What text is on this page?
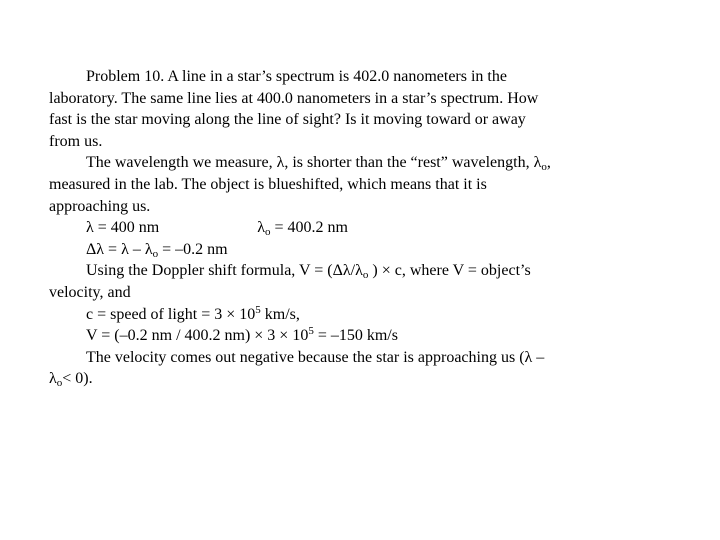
Problem 10. A line in a star’s spectrum is 402.0 nanometers in the
laboratory. The same line lies at 400.0 nanometers in a star’s spectrum. How
fast is the star moving along the line of sight? Is it moving toward or away
from us.
The wavelength we measure, λ, is shorter than the “rest” wavelength, $\lambda_o$,
measured in the lab. The object is blueshifted, which means that it is
approaching us.
λ = 400 nm	$\lambda_o = 400.2$ nm
$\Delta\lambda = \lambda - \lambda_o = -0.2$ nm
Using the Doppler shift formula, $V = (\Delta\lambda/\lambda_o$ ) × c, where V = object’s
velocity, and
c = speed of light = $3 \times 10^5$ km/s,
V = (–0.2 nm / 400.2 $nm) \times 3 \times 10^5 = -150$ km/s
The velocity comes out negative because the star is approaching us (λ –
$\lambda_o< 0$).
